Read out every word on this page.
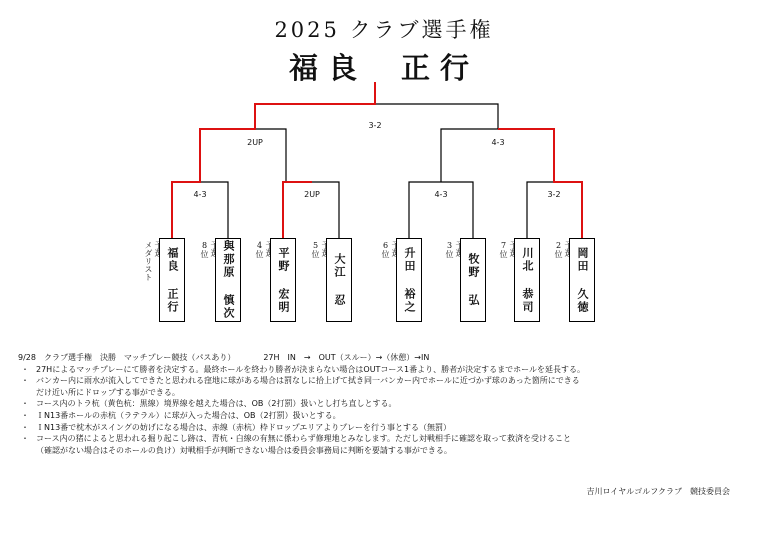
2025 クラブ選手権
福良 正行
3-2
2UP	4-3
4-3	2UP	4-3	3-2
メダリスト	福良 正行	8位	與那原 慎次	4位	平野 宏明	5位
大江 忍
6位	升田 裕之	3位
牧野 弘
7位	川北 恭司	2位	岡田 久徳
9/28　クラブ選手権　決勝　マッチプレー競技（パスあり）　　　　27H　IN　→　OUT（スルー）→（休憩）→IN
・ 27Hによるマッチプレーにて勝者を決定する。最終ホールを終わり勝者が決まらない場合はOUTコース1番より、勝者が決定するまでホールを延長する。
・ バンカー内に雨水が流入してできたと思われる窪地に球がある場合は罰なしに拾上げて拭き同一バンカー内でホールに近づかず球のあった箇所にできる
だけ近い所にドロップする事ができる。
・ コース内のトラ杭（黄色杭：黒線）境界線を越えた場合は、OB（2打罰）扱いとし打ち直しとする。
・ ＩN13番ホールの赤杭（ラテラル）に球が入った場合は、OB（2打罰）扱いとする。
・ ＩN13番で枕木がスイングの妨げになる場合は、赤線（赤杭）枠ドロップエリアよりプレーを行う事とする（無罰）
・ コース内の猪によると思われる掘り起こし跡は、青杭・白線の有無に係わらず修理地とみなします。ただし対戦相手に確認を取って救済を受けること
（確認がない場合はそのホールの負け）対戦相手が判断できない場合は委員会事務局に判断を要請する事ができる。
吉川ロイヤルゴルフクラブ　競技委員会
